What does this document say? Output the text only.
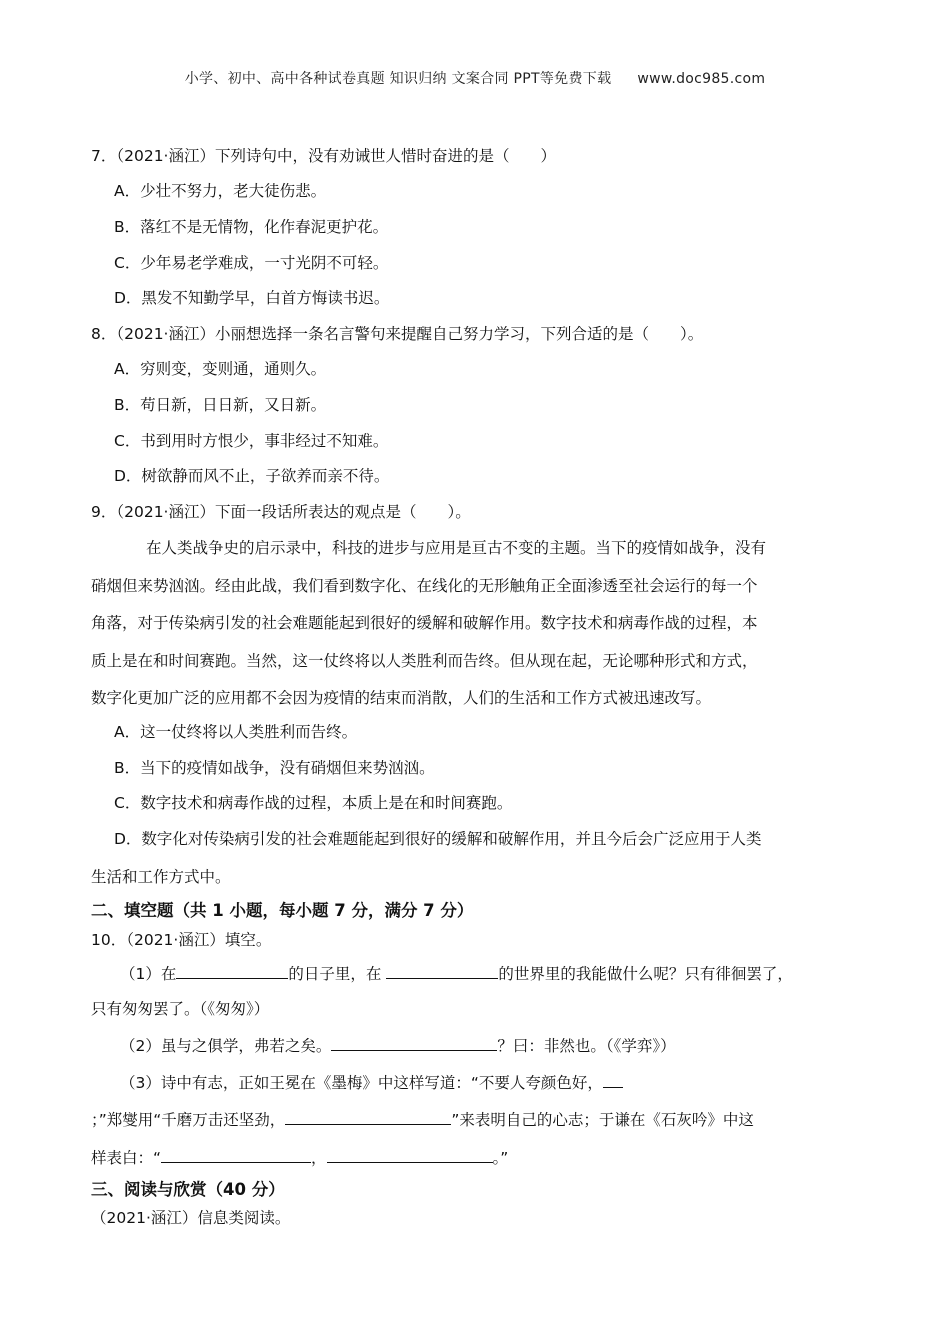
小学、初中、高中各种试卷真题 知识归纳 文案合同 PPT等免费下载 www.doc985.com
7．（2021·涵江）下列诗句中，没有劝诫世人惜时奋进的是（　　）
A．少壮不努力，老大徒伤悲。
B．落红不是无情物，化作春泥更护花。
C．少年易老学难成，一寸光阴不可轻。
D．黑发不知勤学早，白首方悔读书迟。
8．（2021·涵江）小丽想选择一条名言警句来提醒自己努力学习，下列合适的是（　　）。
A．穷则变，变则通，通则久。
B．苟日新，日日新，又日新。
C．书到用时方恨少，事非经过不知难。
D．树欲静而风不止，子欲养而亲不待。
9．（2021·涵江）下面一段话所表达的观点是（　　）。
在人类战争史的启示录中，科技的进步与应用是亘古不变的主题。当下的疫情如战争，没有
硝烟但来势汹汹。经由此战，我们看到数字化、在线化的无形触角正全面渗透至社会运行的每一个
角落，对于传染病引发的社会难题能起到很好的缓解和破解作用。数字技术和病毒作战的过程，本
质上是在和时间赛跑。当然，这一仗终将以人类胜利而告终。但从现在起，无论哪种形式和方式，
数字化更加广泛的应用都不会因为疫情的结束而消散，人们的生活和工作方式被迅速改写。
A．这一仗终将以人类胜利而告终。
B．当下的疫情如战争，没有硝烟但来势汹汹。
C．数字技术和病毒作战的过程，本质上是在和时间赛跑。
D．数字化对传染病引发的社会难题能起到很好的缓解和破解作用，并且今后会广泛应用于人类
生活和工作方式中。
二、填空题（共 1 小题，每小题 7 分，满分 7 分）
10．（2021·涵江）填空。
（1）在	的日子里，在	的世界里的我能做什么呢？只有徘徊罢了，
只有匆匆罢了。（《匆匆》）
（2）虽与之俱学，弗若之矣。	？曰：非然也。（《学弈》）
（3）诗中有志，正如王冕在《墨梅》中这样写道：“不要人夸颜色好，
；”郑燮用“千磨万击还坚劲，	”来表明自己的心志；于谦在《石灰吟》中这
样表白：“	，	。”
三、阅读与欣赏（40 分）
（2021·涵江）信息类阅读。
